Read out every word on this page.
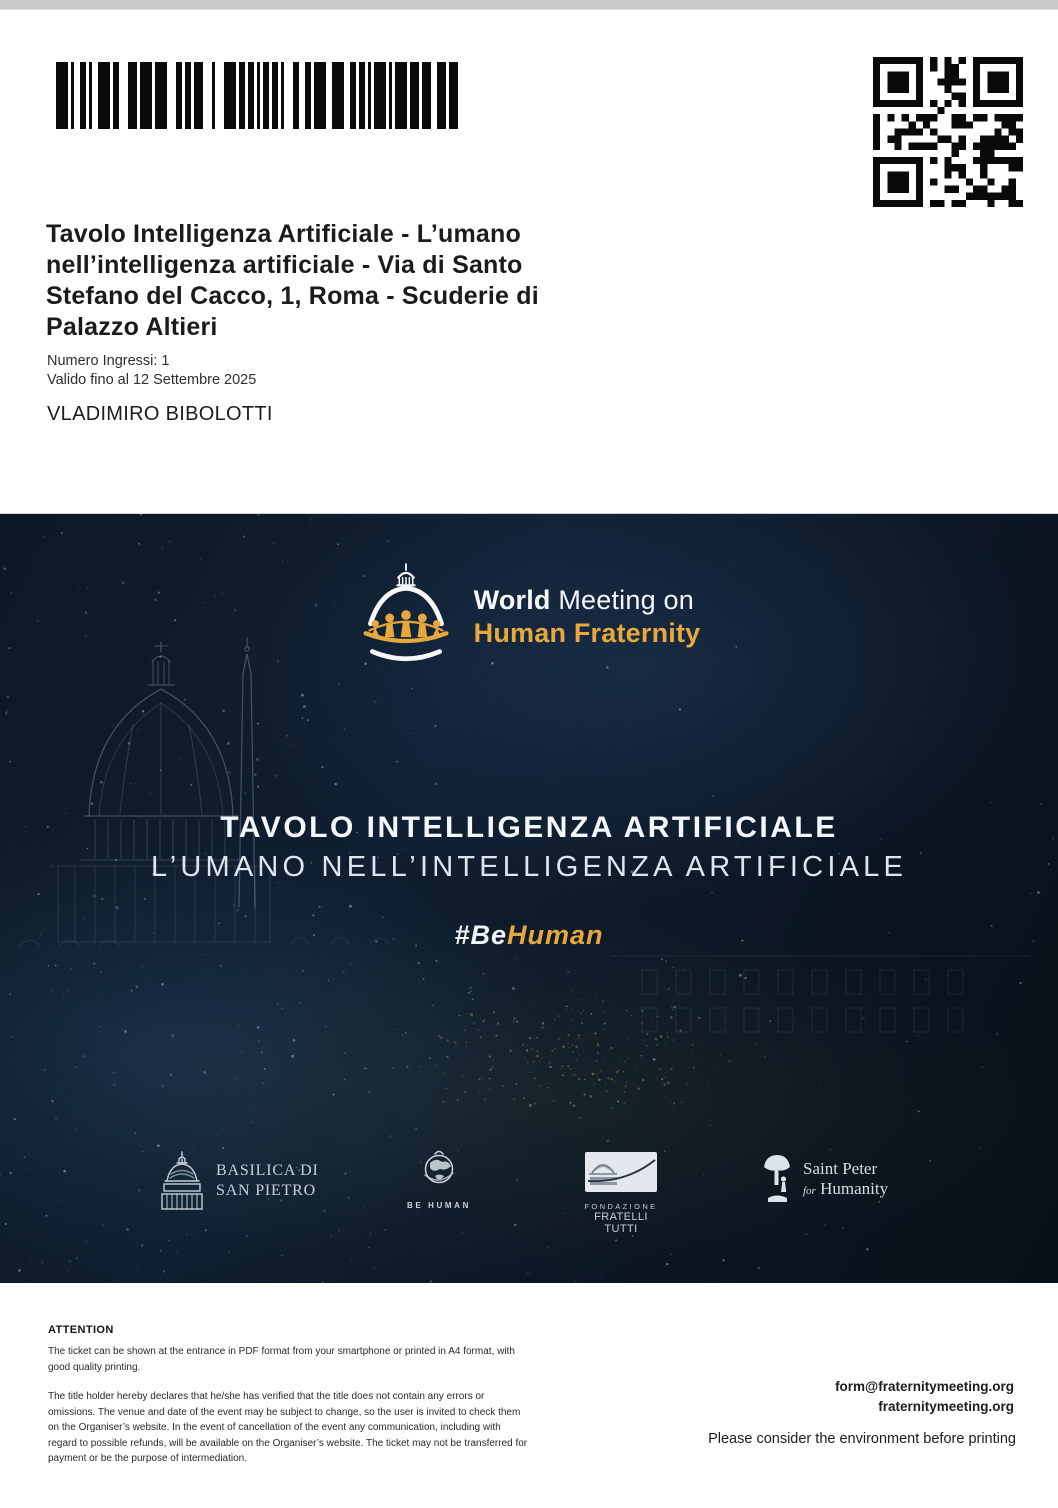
Tavolo Intelligenza Artificiale - L’umano
nell’intelligenza artificiale - Via di Santo
Stefano del Cacco, 1, Roma - Scuderie di
Palazzo Altieri
Numero Ingressi: 1
Valido fino al 12 Settembre 2025
VLADIMIRO BIBOLOTTI
World Meeting on
Human Fraternity
TAVOLO INTELLIGENZA ARTIFICIALE
L’UMANO NELL’INTELLIGENZA ARTIFICIALE
#BeHuman
BASILICA DI
SAN PIETRO
BE HUMAN	FONDAZIONE
FRATELLI TUTTI
Saint Peter
for Humanity
ATTENTION
The ticket can be shown at the entrance in PDF format from your smartphone or printed in A4 format, with good quality printing.
The title holder hereby declares that he/she has verified that the title does not contain any errors or omissions. The venue and date of the event may be subject to change, so the user is invited to check them on the Organiser’s website. In the event of cancellation of the event any communication, including with regard to possible refunds, will be available on the Organiser’s website. The ticket may not be transferred for payment or be the purpose of intermediation.
form@fraternitymeeting.org
fraternitymeeting.org
Please consider the environment before printing
